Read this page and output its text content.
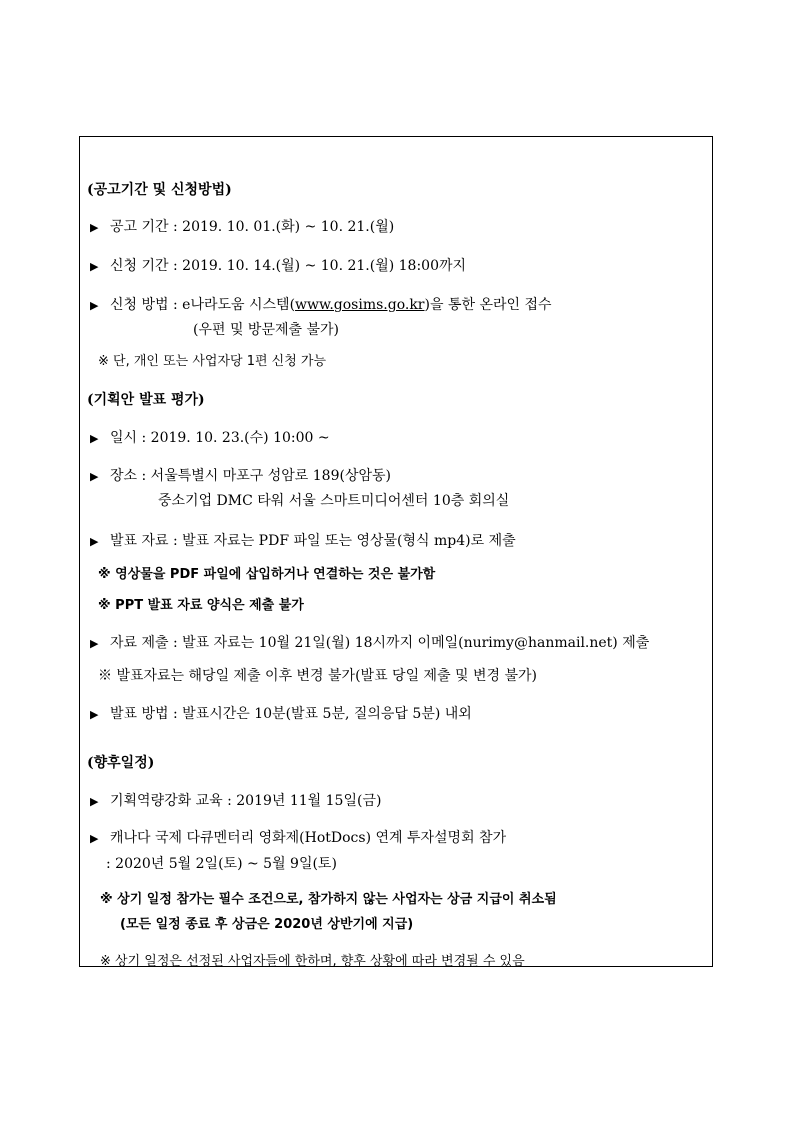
(공고기간 및 신청방법)
▶ 공고 기간 : 2019. 10. 01.(화) ~ 10. 21.(월)
▶ 신청 기간 : 2019. 10. 14.(월) ~ 10. 21.(월) 18:00까지
▶ 신청 방법 : e나라도움 시스템(www.gosims.go.kr)을 통한 온라인 접수
(우편 및 방문제출 불가)
※ 단, 개인 또는 사업자당 1편 신청 가능
(기획안 발표 평가)
▶ 일시 : 2019. 10. 23.(수) 10:00 ~
▶ 장소 : 서울특별시 마포구 성암로 189(상암동)
중소기업 DMC 타워 서울 스마트미디어센터 10층 회의실
▶ 발표 자료 : 발표 자료는 PDF 파일 또는 영상물(형식 mp4)로 제출
※ 영상물을 PDF 파일에 삽입하거나 연결하는 것은 불가함
※ PPT 발표 자료 양식은 제출 불가
▶ 자료 제출 : 발표 자료는 10월 21일(월) 18시까지 이메일(nurimy@hanmail.net) 제출
※ 발표자료는 해당일 제출 이후 변경 불가(발표 당일 제출 및 변경 불가)
▶ 발표 방법 : 발표시간은 10분(발표 5분, 질의응답 5분) 내외
(향후일정)
▶ 기획역량강화 교육 : 2019년 11월 15일(금)
▶ 캐나다 국제 다큐멘터리 영화제(HotDocs) 연계 투자설명회 참가
: 2020년 5월 2일(토) ~ 5월 9일(토)
※ 상기 일정 참가는 필수 조건으로, 참가하지 않는 사업자는 상금 지급이 취소됨
(모든 일정 종료 후 상금은 2020년 상반기에 지급)
※ 상기 일정은 선정된 사업자들에 한하며, 향후 상황에 따라 변경될 수 있음
